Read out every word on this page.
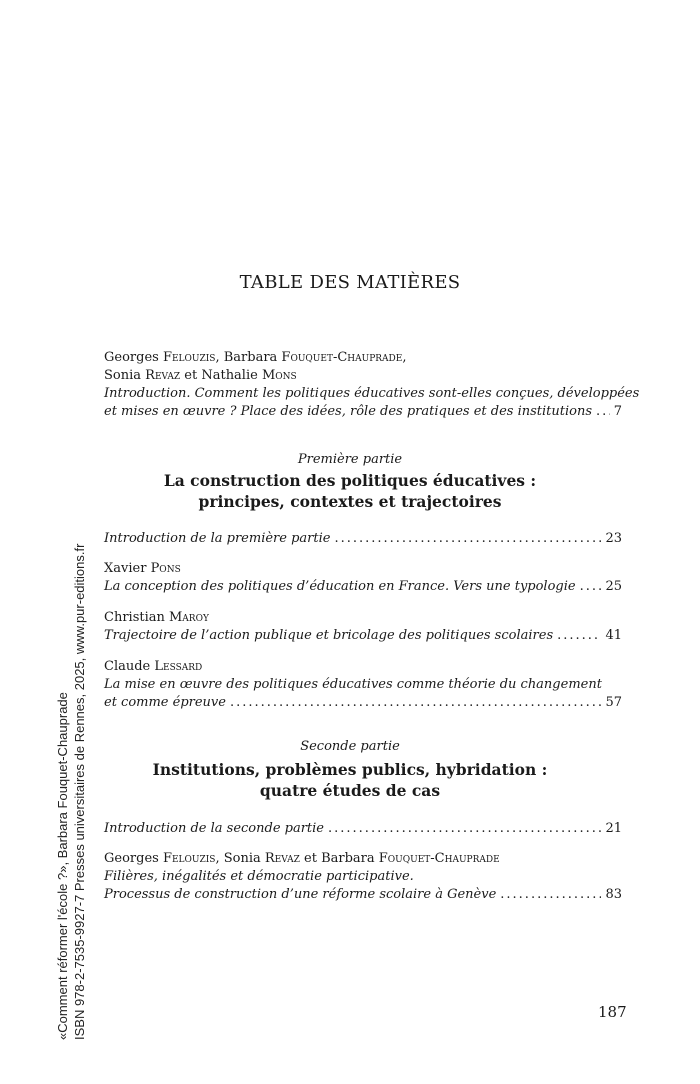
TABLE DES MATIÈRES
Georges Felouzis, Barbara Fouquet-Chauprade,
Sonia Revaz et Nathalie Mons
Introduction. Comment les politiques éducatives sont-elles conçues, développées
et mises en œuvre ? Place des idées, rôle des pratiques et des institutions ..... 7
Première partie
La construction des politiques éducatives :
principes, contextes et trajectoires
Introduction de la première partie .....	23
Xavier Pons
La conception des politiques d’éducation en France. Vers une typologie ..... 25
Christian Maroy
Trajectoire de l’action publique et bricolage des politiques scolaires .....	41
Claude Lessard
La mise en œuvre des politiques éducatives comme théorie du changement
et comme épreuve .....	57
Seconde partie
Institutions, problèmes publics, hybridation :
quatre études de cas
Introduction de la seconde partie .....	21
Georges Felouzis, Sonia Revaz et Barbara Fouquet-Chauprade
Filières, inégalités et démocratie participative.
Processus de construction d’une réforme scolaire à Genève .....	83
187
«Comment réformer l'école ?», Barbara Fouquet-Chauprade ISBN 978-2-7535-9927-7 Presses universitaires de Rennes, 2025, www.pur-editions.fr
